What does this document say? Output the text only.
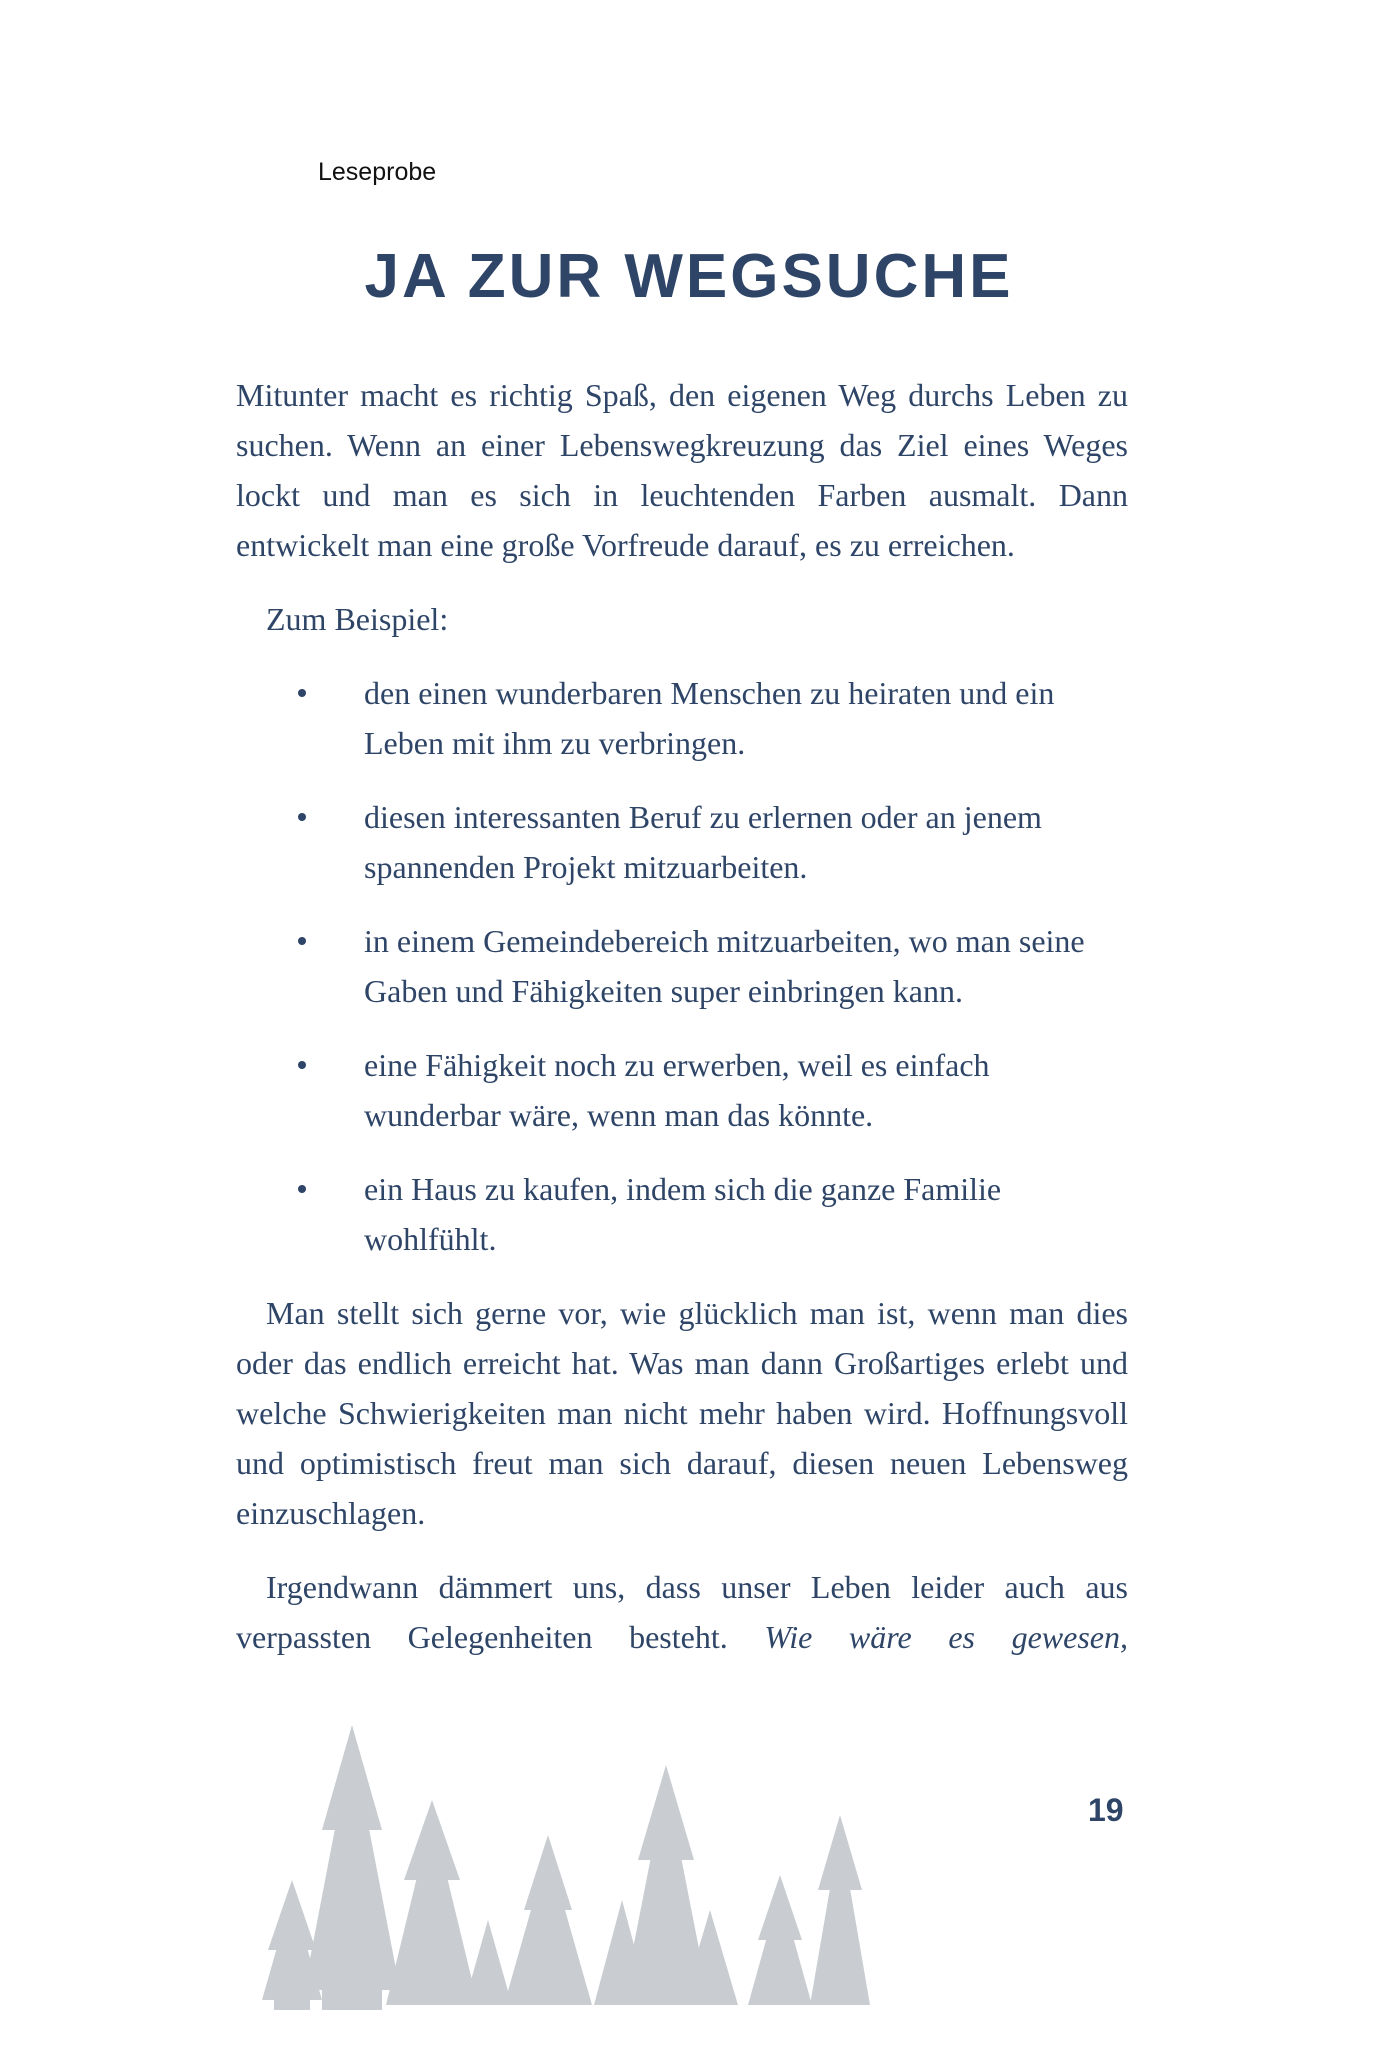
Leseprobe

JA ZUR WEGSUCHE

Mitunter macht es richtig Spaß, den eigenen Weg durchs Leben zu suchen. Wenn an einer Lebenswegkreuzung das Ziel eines Weges lockt und man es sich in leuchtenden Farben ausmalt. Dann entwickelt man eine große Vorfreude darauf, es zu erreichen.

Zum Beispiel:

den einen wunderbaren Menschen zu heiraten und ein Leben mit ihm zu verbringen.
diesen interessanten Beruf zu erlernen oder an jenem spannenden Projekt mitzuarbeiten.
in einem Gemeindebereich mitzuarbeiten, wo man seine Gaben und Fähigkeiten super einbringen kann.
eine Fähigkeit noch zu erwerben, weil es einfach wunderbar wäre, wenn man das könnte.
ein Haus zu kaufen, indem sich die ganze Familie wohlfühlt.

Man stellt sich gerne vor, wie glücklich man ist, wenn man dies oder das endlich erreicht hat. Was man dann Großartiges erlebt und welche Schwierigkeiten man nicht mehr haben wird. Hoffnungsvoll und optimistisch freut man sich darauf, diesen neuen Lebensweg einzuschlagen.

Irgendwann dämmert uns, dass unser Leben leider auch aus verpassten Gelegenheiten besteht. Wie wäre es gewesen,

19
